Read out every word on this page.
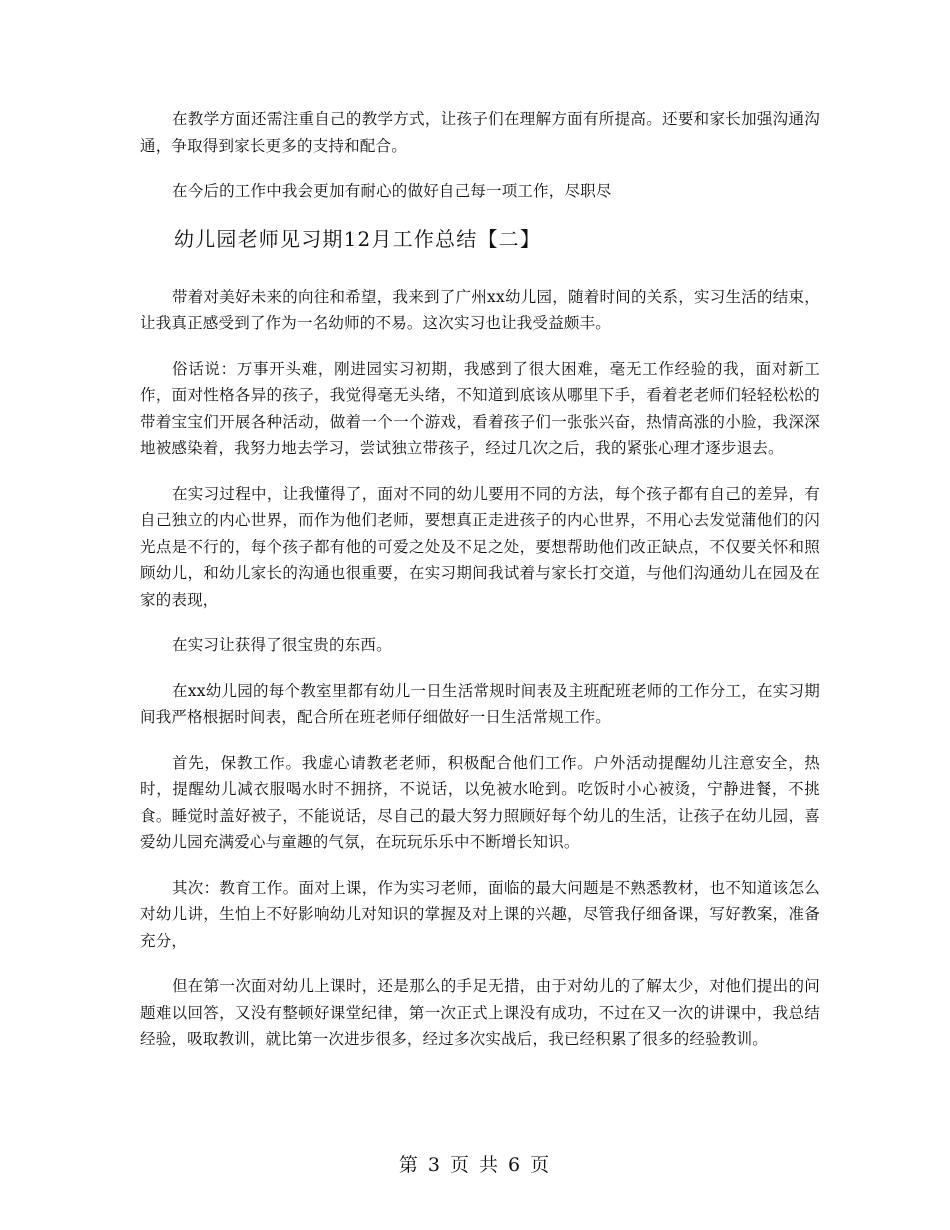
在教学方面还需注重自己的教学方式，让孩子们在理解方面有所提高。还要和家长加强沟通沟通，争取得到家长更多的支持和配合。

在今后的工作中我会更加有耐心的做好自己每一项工作，尽职尽

幼儿园老师见习期12月工作总结【二】

带着对美好未来的向往和希望，我来到了广州xx幼儿园，随着时间的关系，实习生活的结束，让我真正感受到了作为一名幼师的不易。这次实习也让我受益颇丰。

俗话说：万事开头难，刚进园实习初期，我感到了很大困难，毫无工作经验的我，面对新工作，面对性格各异的孩子，我觉得毫无头绪，不知道到底该从哪里下手，看着老老师们轻轻松松的带着宝宝们开展各种活动，做着一个一个游戏，看着孩子们一张张兴奋，热情高涨的小脸，我深深地被感染着，我努力地去学习，尝试独立带孩子，经过几次之后，我的紧张心理才逐步退去。

在实习过程中，让我懂得了，面对不同的幼儿要用不同的方法，每个孩子都有自己的差异，有自己独立的内心世界，而作为他们老师，要想真正走进孩子的内心世界，不用心去发觉蒲他们的闪光点是不行的，每个孩子都有他的可爱之处及不足之处，要想帮助他们改正缺点，不仅要关怀和照顾幼儿，和幼儿家长的沟通也很重要，在实习期间我试着与家长打交道，与他们沟通幼儿在园及在家的表现，

在实习让获得了很宝贵的东西。

在xx幼儿园的每个教室里都有幼儿一日生活常规时间表及主班配班老师的工作分工，在实习期间我严格根据时间表，配合所在班老师仔细做好一日生活常规工作。

首先，保教工作。我虚心请教老老师，积极配合他们工作。户外活动提醒幼儿注意安全，热时，提醒幼儿减衣服喝水时不拥挤，不说话，以免被水呛到。吃饭时小心被烫，宁静进餐，不挑食。睡觉时盖好被子，不能说话，尽自己的最大努力照顾好每个幼儿的生活，让孩子在幼儿园，喜爱幼儿园充满爱心与童趣的气氛，在玩玩乐乐中不断增长知识。

其次：教育工作。面对上课，作为实习老师，面临的最大问题是不熟悉教材，也不知道该怎么对幼儿讲，生怕上不好影响幼儿对知识的掌握及对上课的兴趣，尽管我仔细备课，写好教案，准备充分，

但在第一次面对幼儿上课时，还是那么的手足无措，由于对幼儿的了解太少，对他们提出的问题难以回答，又没有整顿好课堂纪律，第一次正式上课没有成功，不过在又一次的讲课中，我总结经验，吸取教训，就比第一次进步很多，经过多次实战后，我已经积累了很多的经验教训。

第 3 页 共 6 页
